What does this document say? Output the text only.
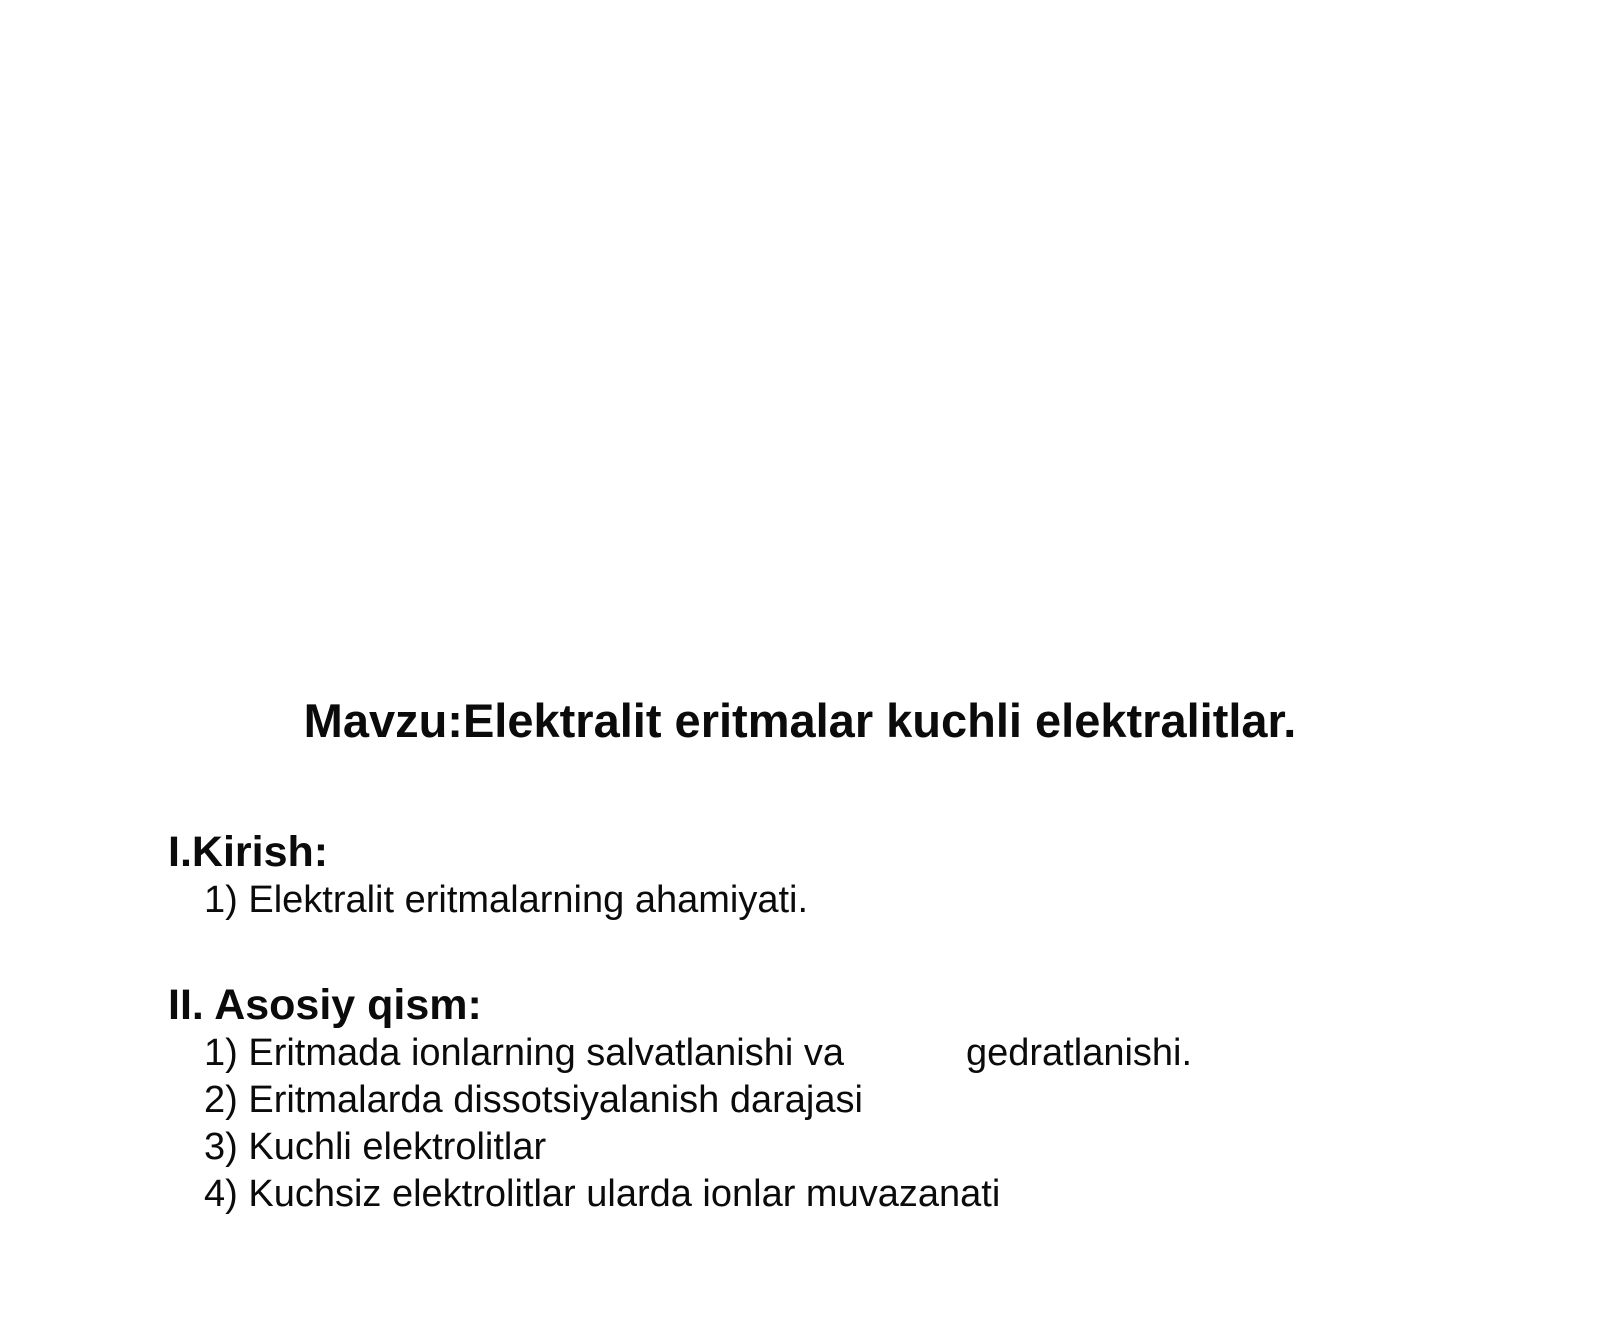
Mavzu:Elektralit eritmalar kuchli elektralitlar.
I.Kirish:
1) Elektralit eritmalarning ahamiyati.
II. Asosiy qism:
1) Eritmada ionlarning salvatlanishi va	gedratlanishi.
2) Eritmalarda dissotsiyalanish darajasi
3) Kuchli elektrolitlar
4) Kuchsiz elektrolitlar ularda ionlar muvazanati
